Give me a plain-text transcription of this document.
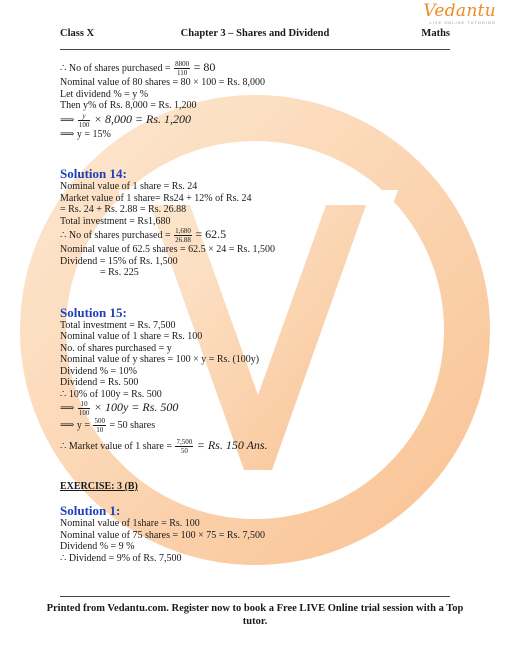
Vedantu
LIVE ONLINE TUTORING
Class X	Chapter 3 – Shares and Dividend	Maths
∴ No of shares purchased = $\frac{8800}{110} = 80$
Nominal value of 80 shares = 80 × 100 = Rs. 8,000
Let dividend % = y %
Then y% of Rs. 8,000 = Rs. 1,200
⟹ $\frac{y}{100} \times 8,000 = Rs$. 1,200
⟹ y = 15%
Solution 14:
Nominal value of 1 share = Rs. 24
Market value of 1 share= Rs24 + 12% of Rs. 24
= Rs. 24 + Rs. 2.88 = Rs. 26.88
Total investment = Rs1,680
∴ No of shares purchased = $\frac{1,680}{26.88} = 62.5$
Nominal value of 62.5 shares = 62.5 × 24 = Rs. 1,500
Dividend = 15% of Rs. 1,500
= Rs. 225
Solution 15:
Total investment = Rs. 7,500
Nominal value of 1 share = Rs. 100
No. of shares purchased = y
Nominal value of y shares = 100 × y = Rs. (100y)
Dividend % = 10%
Dividend = Rs. 500
∴ 10% of 100y = Rs. 500
⟹ $\frac{10}{100} \times 100y = Rs$. 500
⟹ $y = \frac{500}{10} = 50$ shares
∴ Market value of 1 share = $\frac{7,500}{50} = Rs$. 150 Ans.
EXERCISE: 3 (B)
Solution 1:
Nominal value of 1share = Rs. 100
Nominal value of 75 shares = 100 × 75 = Rs. 7,500
Dividend % = 9 %
∴ Dividend = 9% of Rs. 7,500
Printed from Vedantu.com. Register now to book a Free LIVE Online trial session with a Top tutor.
